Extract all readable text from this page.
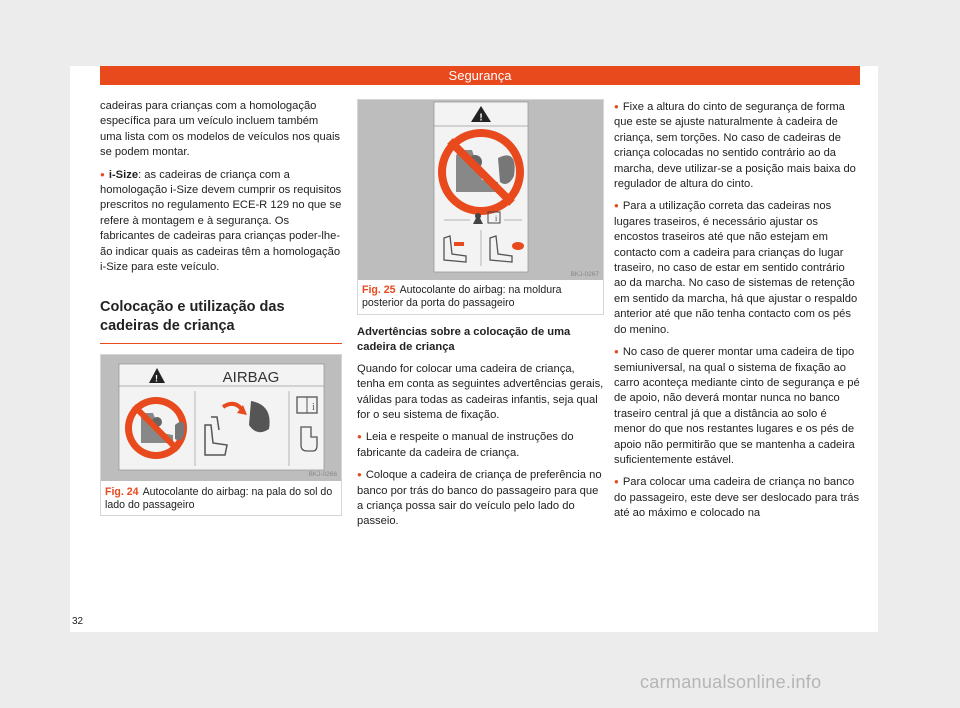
Segurança

cadeiras para crianças com a homologação específica para um veículo incluem também uma lista com os modelos de veículos nos quais se podem montar.

● i-Size: as cadeiras de criança com a homologação i-Size devem cumprir os requisitos prescritos no regulamento ECE-R 129 no que se refere à montagem e à segurança. Os fabricantes de cadeiras para crianças poder-lhe-ão indicar quais as cadeiras têm a homologação i-Size para este veículo.

Colocação e utilização das cadeiras de criança
!	AIRBAG
i
BKJ-0266
Fig. 24 Autocolante do airbag: na pala do sol do lado do passageiro
!
i
BKJ-0267
Fig. 25 Autocolante do airbag: na moldura posterior da porta do passageiro

Advertências sobre a colocação de uma cadeira de criança

Quando for colocar uma cadeira de criança, tenha em conta as seguintes advertências gerais, válidas para todas as cadeiras infantis, seja qual for o seu sistema de fixação.

● Leia e respeite o manual de instruções do fabricante da cadeira de criança.

● Coloque a cadeira de criança de preferência no banco por trás do banco do passageiro para que a criança possa sair do veículo pelo lado do passeio.

● Fixe a altura do cinto de segurança de forma que este se ajuste naturalmente à cadeira de criança, sem torções. No caso de cadeiras de criança colocadas no sentido contrário ao da marcha, deve utilizar-se a posição mais baixa do regulador de altura do cinto.

● Para a utilização correta das cadeiras nos lugares traseiros, é necessário ajustar os encostos traseiros até que não estejam em contacto com a cadeira para crianças do lugar traseiro, no caso de estar em sentido contrário ao da marcha. No caso de sistemas de retenção em sentido da marcha, há que ajustar o respaldo anterior até que não tenha contacto com os pés do menino.

● No caso de querer montar uma cadeira de tipo semiuniversal, na qual o sistema de fixação ao carro aconteça mediante cinto de segurança e pé de apoio, não deverá montar nunca no banco traseiro central já que a distância ao solo é menor do que nos restantes lugares e os pés de apoio não permitirão que se mantenha a cadeira suficientemente estável.

● Para colocar uma cadeira de criança no banco do passageiro, este deve ser deslocado para trás até ao máximo e colocado na

32
carmanualsonline.info
